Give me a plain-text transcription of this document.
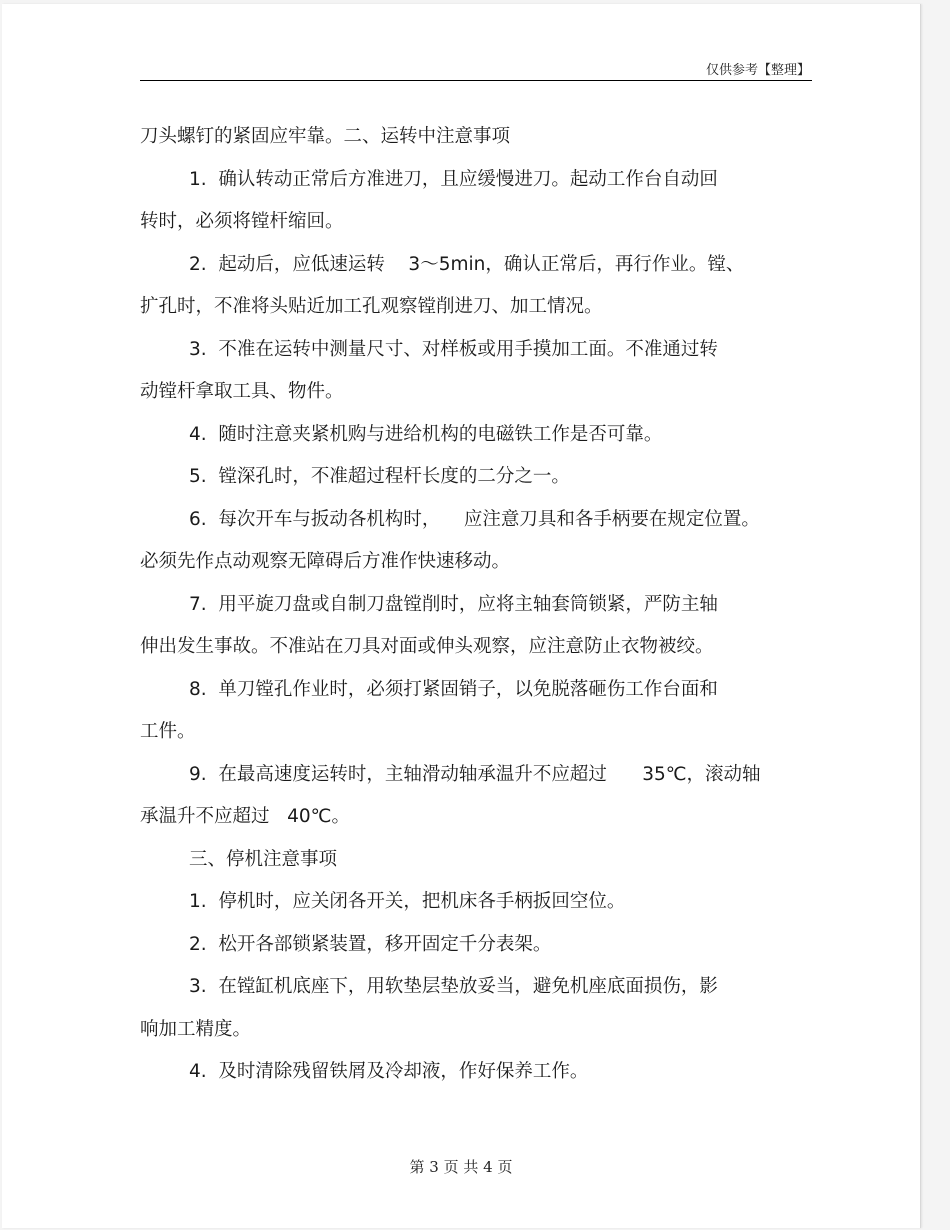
仅供参考【整理】

刀头螺钉的紧固应牢靠。二、运转中注意事项

1.  确认转动正常后方准进刀，且应缓慢进刀。起动工作台自动回

转时，必须将镗杆缩回。

2.  起动后，应低速运转    3～5min，确认正常后，再行作业。镗、

扩孔时，不准将头贴近加工孔观察镗削进刀、加工情况。

3.  不准在运转中测量尺寸、对样板或用手摸加工面。不准通过转

动镗杆拿取工具、物件。

4.  随时注意夹紧机购与进给机构的电磁铁工作是否可靠。

5.  镗深孔时，不准超过程杆长度的二分之一。

6.  每次开车与扳动各机构时，    应注意刀具和各手柄要在规定位置。

必须先作点动观察无障碍后方准作快速移动。

7.  用平旋刀盘或自制刀盘镗削时，应将主轴套筒锁紧，严防主轴

伸出发生事故。不准站在刀具对面或伸头观察，应注意防止衣物被绞。

8.  单刀镗孔作业时，必须打紧固销子，以免脱落砸伤工作台面和

工件。

9.  在最高速度运转时，主轴滑动轴承温升不应超过      35℃，滚动轴

承温升不应超过   40℃。

三、停机注意事项

1.  停机时，应关闭各开关，把机床各手柄扳回空位。

2.  松开各部锁紧装置，移开固定千分表架。

3.  在镗缸机底座下，用软垫层垫放妥当，避免机座底面损伤，影

响加工精度。

4.  及时清除残留铁屑及冷却液，作好保养工作。

第 3 页 共 4 页
